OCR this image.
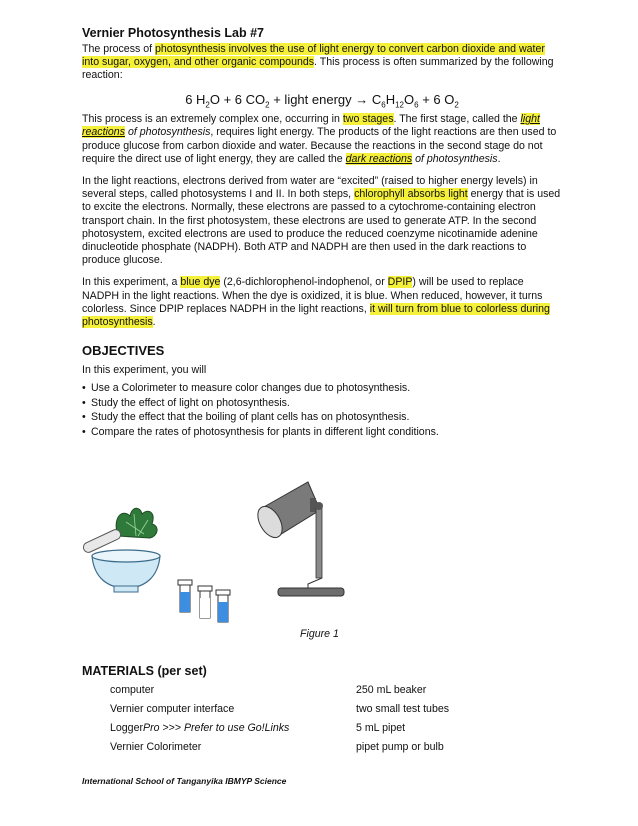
Vernier Photosynthesis Lab #7

The process of photosynthesis involves the use of light energy to convert carbon dioxide and water into sugar, oxygen, and other organic compounds. This process is often summarized by the following reaction:

6 $H_2O + 6$ $CO_2$ + light energy → $C_6H_{12}O_6 + 6$ $O_2$

This process is an extremely complex one, occurring in two stages. The first stage, called the light reactions of photosynthesis, requires light energy. The products of the light reactions are then used to produce glucose from carbon dioxide and water. Because the reactions in the second stage do not require the direct use of light energy, they are called the dark reactions of photosynthesis.

In the light reactions, electrons derived from water are “excited” (raised to higher energy levels) in several steps, called photosystems I and II. In both steps, chlorophyll absorbs light energy that is used to excite the electrons. Normally, these electrons are passed to a cytochrome-containing electron transport chain. In the first photosystem, these electrons are used to generate ATP. In the second photosystem, excited electrons are used to produce the reduced coenzyme nicotinamide adenine dinucleotide phosphate (NADPH). Both ATP and NADPH are then used in the dark reactions to produce glucose.

In this experiment, a blue dye (2,6-dichlorophenol-indophenol, or DPIP) will be used to replace NADPH in the light reactions. When the dye is oxidized, it is blue. When reduced, however, it turns colorless. Since DPIP replaces NADPH in the light reactions, it will turn from blue to colorless during photosynthesis.

OBJECTIVES

In this experiment, you will

• Use a Colorimeter to measure color changes due to photosynthesis.
• Study the effect of light on photosynthesis.
• Study the effect that the boiling of plant cells has on photosynthesis.
• Compare the rates of photosynthesis for plants in different light conditions.
Figure 1
MATERIALS (per set)
computer	250 mL beaker
Vernier computer interface	two small test tubes
LoggerPro >>> Prefer to use Go!Links	5 mL pipet
Vernier Colorimeter	pipet pump or bulb
International School of Tanganyika IBMYP Science
